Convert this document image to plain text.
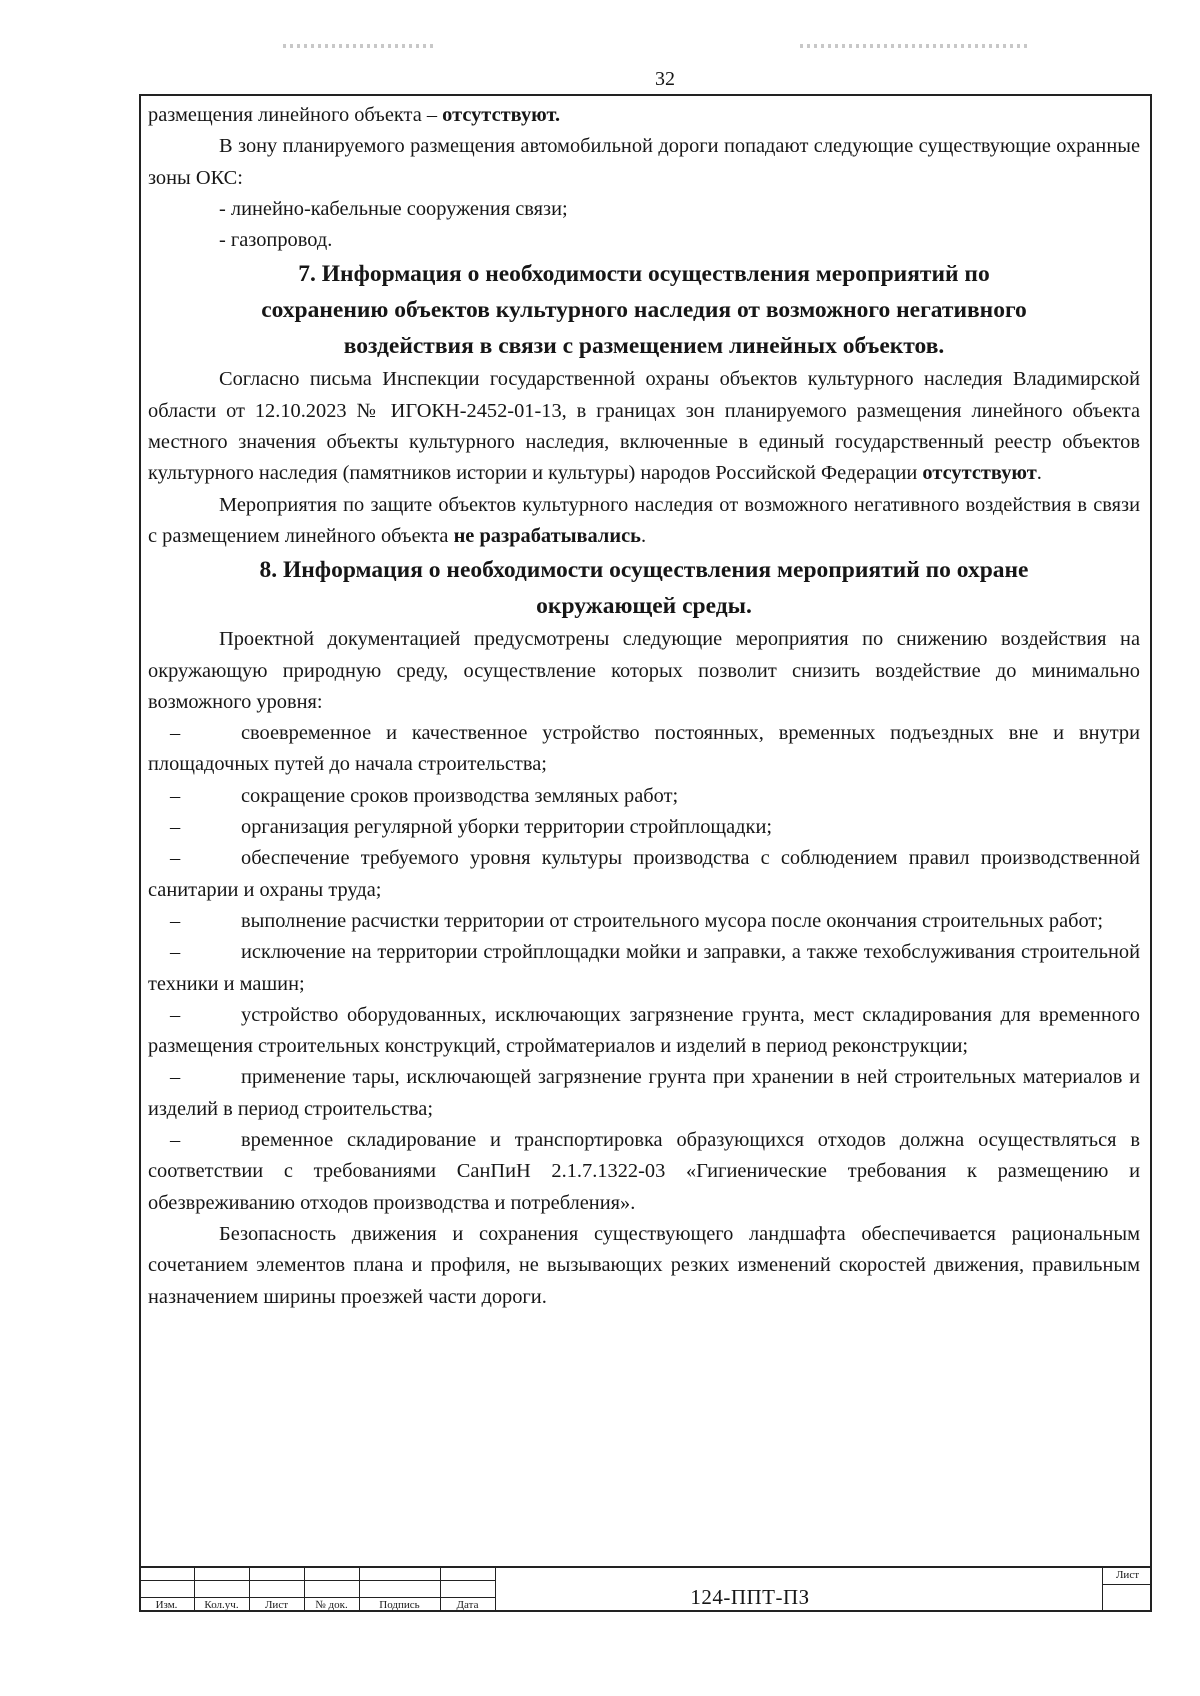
32

размещения линейного объекта – отсутствуют.

В зону планируемого размещения автомобильной дороги попадают следующие существующие охранные зоны ОКС:

- линейно-кабельные сооружения связи;

- газопровод.

7. Информация о необходимости осуществления мероприятий по
сохранению объектов культурного наследия от возможного негативного
воздействия в связи с размещением линейных объектов.

Согласно письма Инспекции государственной охраны объектов культурного наследия Владимирской области от 12.10.2023 № ИГОКН-2452-01-13, в границах зон планируемого размещения линейного объекта местного значения объекты культурного наследия, включенные в единый государственный реестр объектов культурного наследия (памятников истории и культуры) народов Российской Федерации отсутствуют.

Мероприятия по защите объектов культурного наследия от возможного негативного воздействия в связи с размещением линейного объекта не разрабатывались.

8. Информация о необходимости осуществления мероприятий по охране
окружающей среды.

Проектной документацией предусмотрены следующие мероприятия по снижению воздействия на окружающую природную среду, осуществление которых позволит снизить воздействие до минимально возможного уровня:

–	своевременное и качественное устройство постоянных, временных подъездных вне и внутри площадочных путей до начала строительства;

–	сокращение сроков производства земляных работ;

–	организация регулярной уборки территории стройплощадки;

–	обеспечение требуемого уровня культуры производства с соблюдением правил производственной санитарии и охраны труда;

–	выполнение расчистки территории от строительного мусора после окончания строительных работ;

–	исключение на территории стройплощадки мойки и заправки, а также техобслуживания строительной техники и машин;

–	устройство оборудованных, исключающих загрязнение грунта, мест складирования для временного размещения строительных конструкций, стройматериалов и изделий в период реконструкции;

–	применение тары, исключающей загрязнение грунта при хранении в ней строительных материалов и изделий в период строительства;

–	временное складирование и транспортировка образующихся отходов должна осуществляться в соответствии с требованиями СанПиН 2.1.7.1322-03 «Гигиенические требования к размещению и обезвреживанию отходов производства и потребления».

Безопасность движения и сохранения существующего ландшафта обеспечивается рациональным сочетанием элементов плана и профиля, не вызывающих резких изменений скоростей движения, правильным назначением ширины проезжей части дороги.

Изм.	Кол.уч.	Лист	№ док.	Подпись	Дата	124-ППТ-ПЗ
Лист
